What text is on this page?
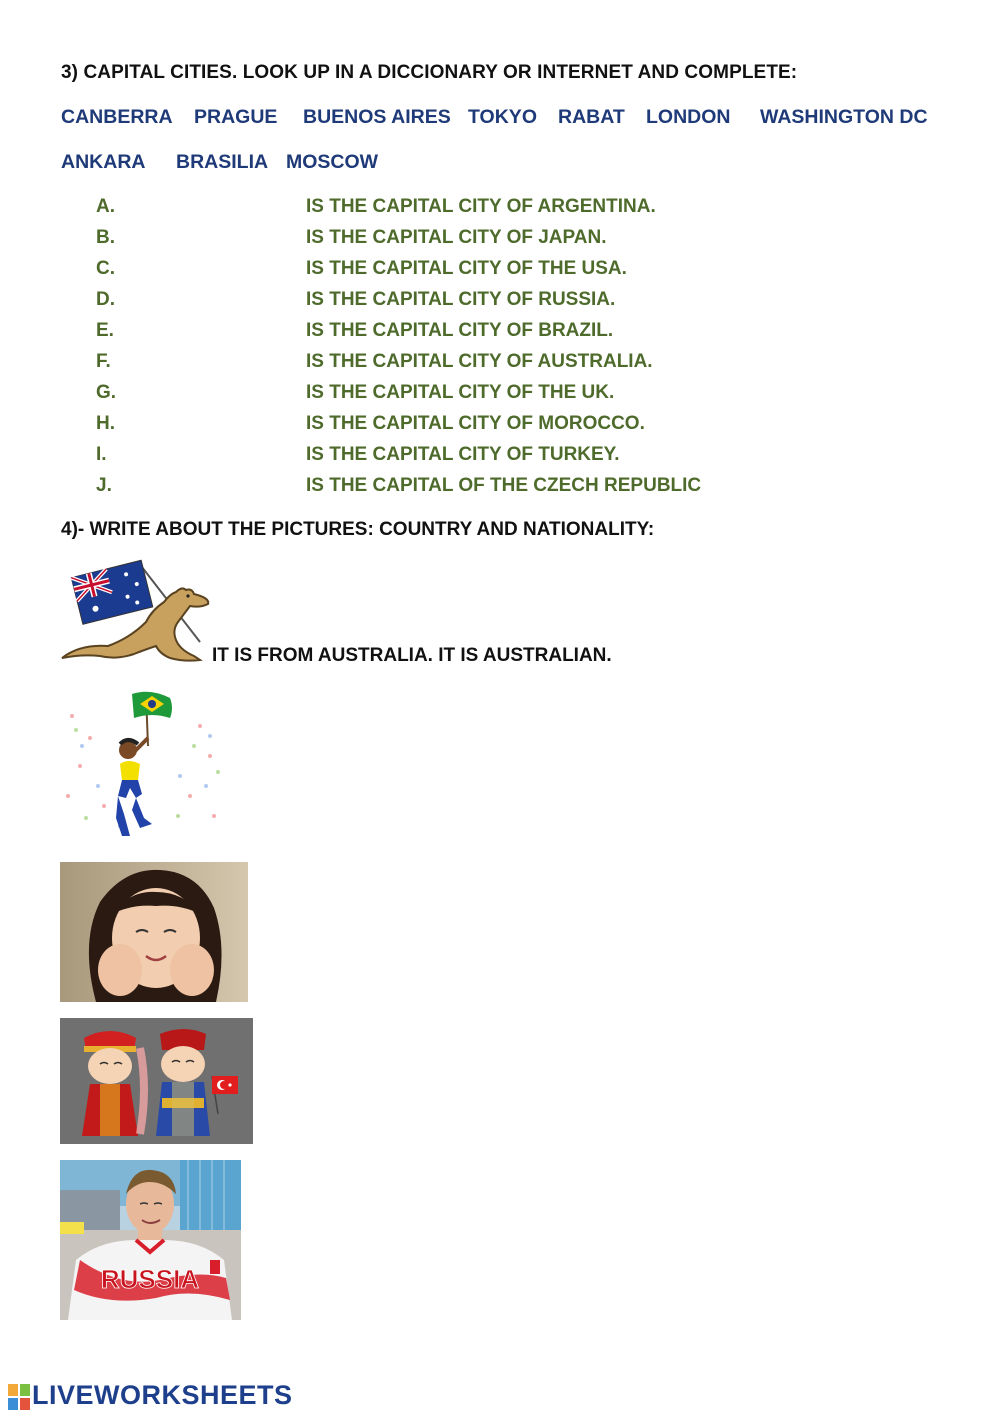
3) CAPITAL CITIES. LOOK UP IN A DICCIONARY OR INTERNET AND COMPLETE:
CANBERRA PRAGUE BUENOS AIRES TOKYO RABAT LONDON WASHINGTON DC
ANKARA BRASILIA MOSCOW
A.	IS THE CAPITAL CITY OF ARGENTINA.
B.	IS THE CAPITAL CITY OF JAPAN.
C.	IS THE CAPITAL CITY OF THE USA.
D.	IS THE CAPITAL CITY OF RUSSIA.
E.	IS THE CAPITAL CITY OF BRAZIL.
F.	IS THE CAPITAL CITY OF AUSTRALIA.
G.	IS THE CAPITAL CITY OF THE UK.
H.	IS THE CAPITAL CITY OF MOROCCO.
I.	IS THE CAPITAL CITY OF TURKEY.
J.	IS THE CAPITAL OF THE CZECH REPUBLIC
4)- WRITE ABOUT THE PICTURES: COUNTRY AND NATIONALITY:
IT IS FROM AUSTRALIA. IT IS AUSTRALIAN.
RUSSIA
LIVEWORKSHEETS
